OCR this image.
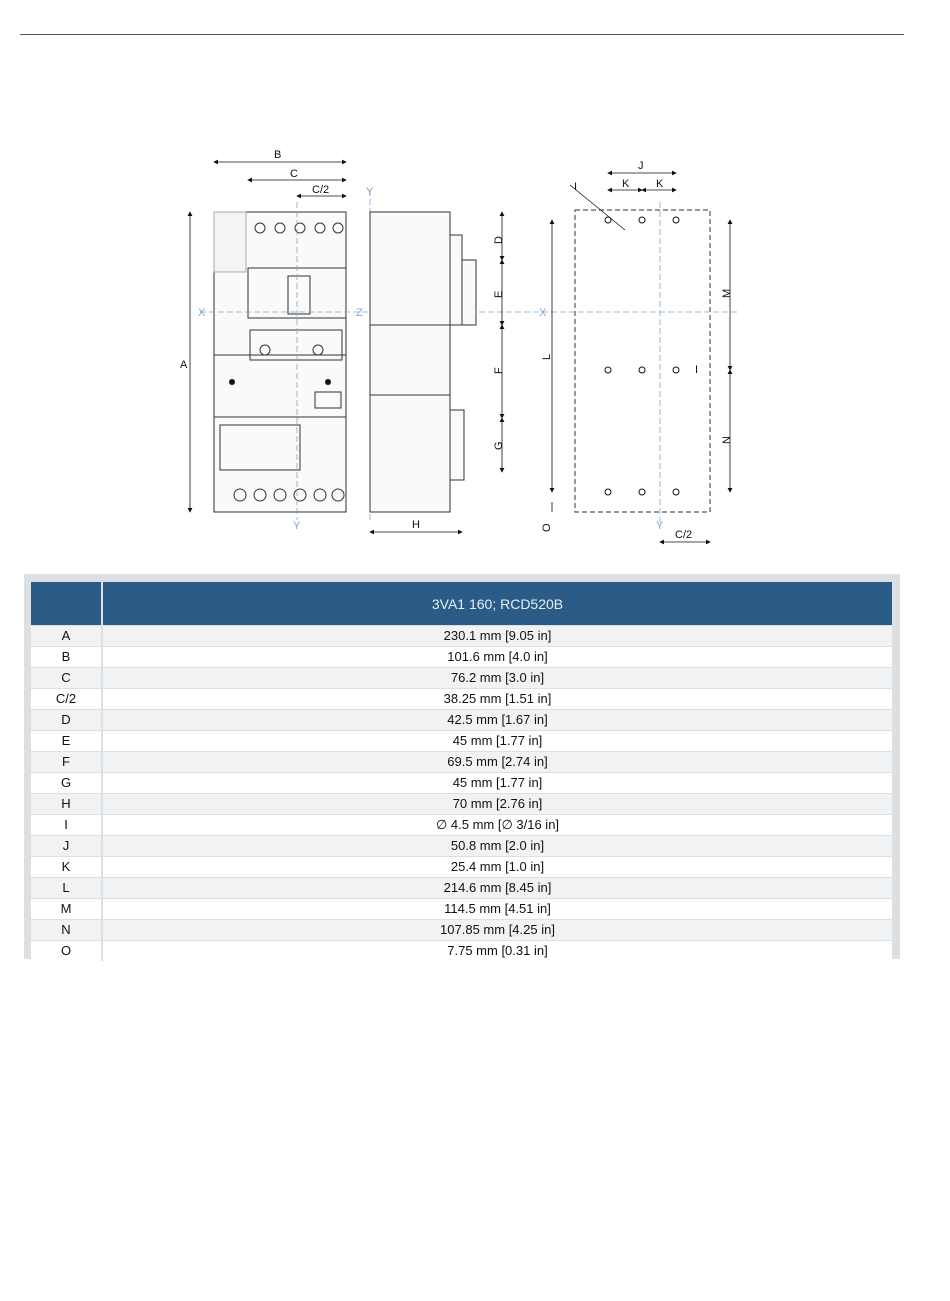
B
C
C/2
A
X	Z
Y
Y
X
Y
D
E
F
G
H
J
K K
I
I
L
M
N
O
C/2
	3VA1 160; RCD520B
A	230.1 mm [9.05 in]
B	101.6 mm [4.0 in]
C	76.2 mm [3.0 in]
C/2	38.25 mm [1.51 in]
D	42.5 mm [1.67 in]
E	45 mm [1.77 in]
F	69.5 mm [2.74 in]
G	45 mm [1.77 in]
H	70 mm [2.76 in]
I	∅ 4.5 mm [∅ 3/16 in]
J	50.8 mm [2.0 in]
K	25.4 mm [1.0 in]
L	214.6 mm [8.45 in]
M	114.5 mm [4.51 in]
N	107.85 mm [4.25 in]
O	7.75 mm [0.31 in]
